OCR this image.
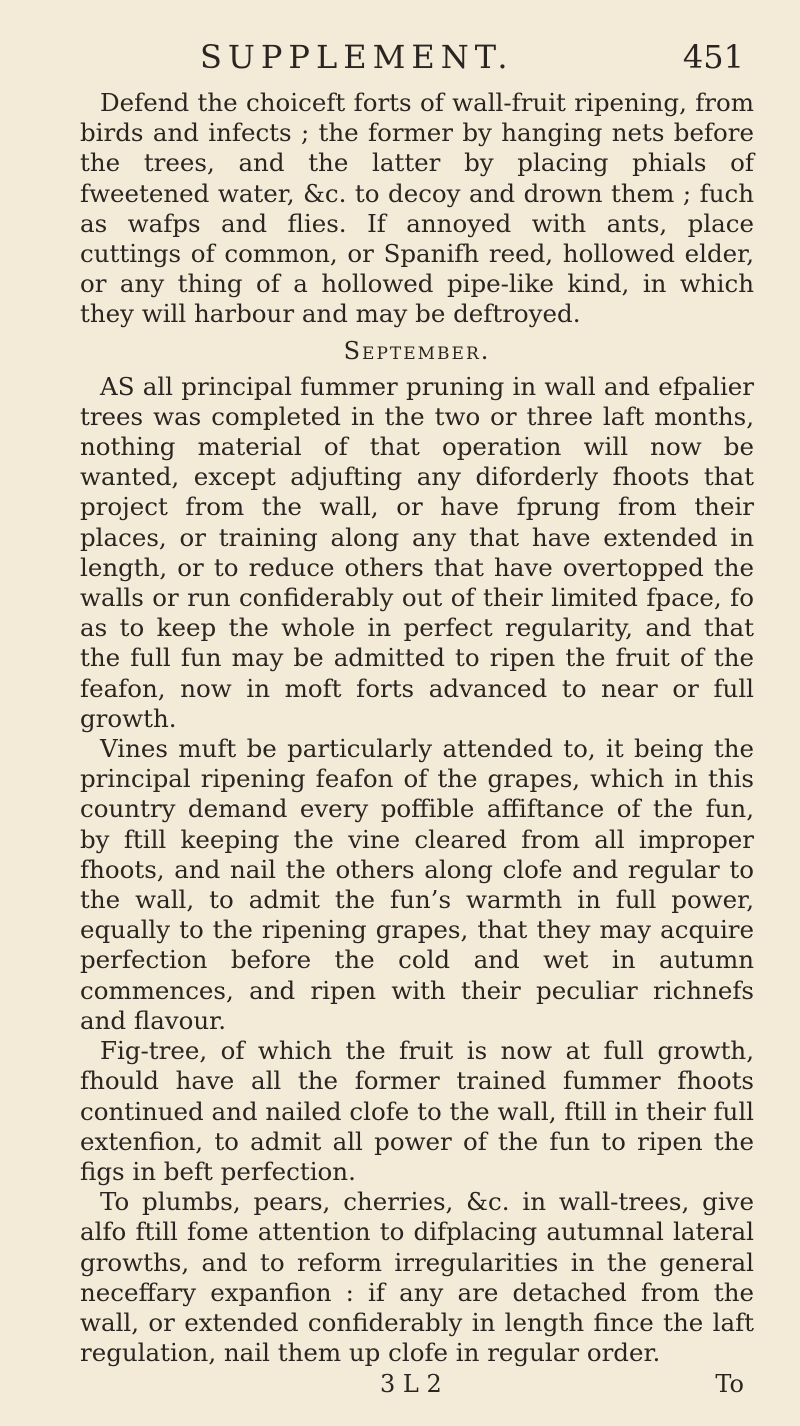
SUPPLEMENT.	451

Defend the choiceft forts of wall-fruit ripening, from birds and infects ; the former by hanging nets before the trees, and the latter by placing phials of fweetened water, &c. to decoy and drown them ; fuch as wafps and flies. If annoyed with ants, place cuttings of common, or Spanifh reed, hollowed elder, or any thing of a hollowed pipe-like kind, in which they will harbour and may be deftroyed.

September.

AS all principal fummer pruning in wall and efpalier trees was completed in the two or three laft months, nothing material of that operation will now be wanted, except adjufting any diforderly fhoots that project from the wall, or have fprung from their places, or training along any that have extended in length, or to reduce others that have overtopped the walls or run confiderably out of their limited fpace, fo as to keep the whole in perfect regularity, and that the full fun may be admitted to ripen the fruit of the feafon, now in moft forts advanced to near or full growth.

Vines muft be particularly attended to, it being the principal ripening feafon of the grapes, which in this country demand every poffible affiftance of the fun, by ftill keeping the vine cleared from all improper fhoots, and nail the others along clofe and regular to the wall, to admit the fun’s warmth in full power, equally to the ripening grapes, that they may acquire perfection before the cold and wet in autumn commences, and ripen with their peculiar richnefs and flavour.

Fig-tree, of which the fruit is now at full growth, fhould have all the former trained fummer fhoots continued and nailed clofe to the wall, ftill in their full extenfion, to admit all power of the fun to ripen the figs in beft perfection.

To plumbs, pears, cherries, &c. in wall-trees, give alfo ftill fome attention to difplacing autumnal lateral growths, and to reform irregularities in the general neceffary expanfion : if any are detached from the wall, or extended confiderably in length fince the laft regulation, nail them up clofe in regular order.

3 L 2	To
